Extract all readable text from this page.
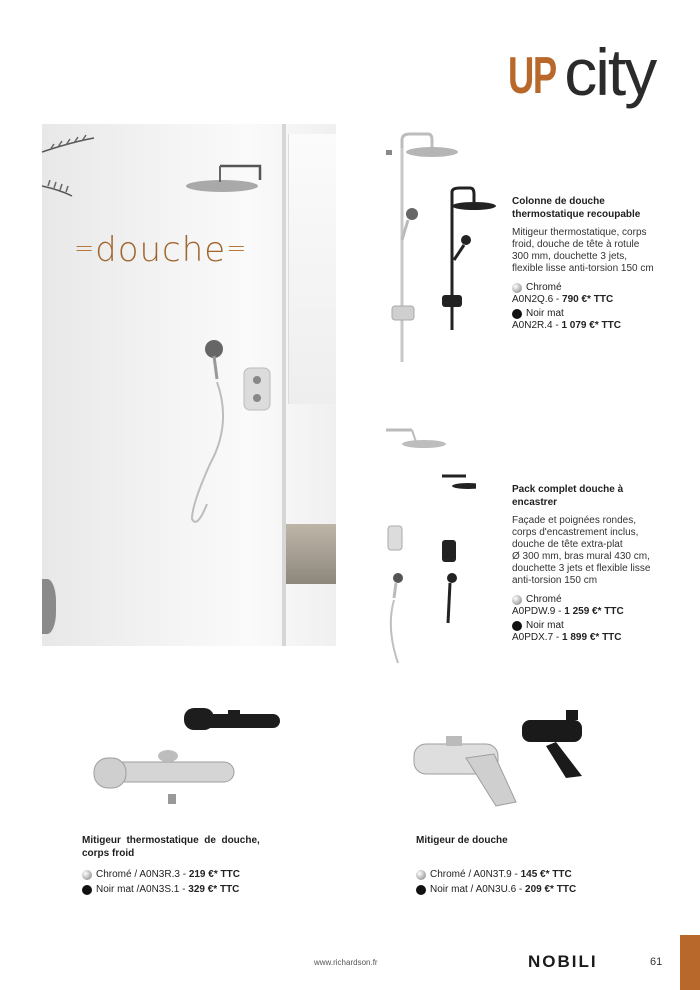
UP city
=douche=
Colonne de douche
thermostatique recoupable
Mitigeur thermostatique, corps
froid, douche de tête à rotule
300 mm, douchette 3 jets,
flexible lisse anti-torsion 150 cm
Chromé
A0N2Q.6 - 790 €* TTC
Noir mat
A0N2R.4 - 1 079 €* TTC
Pack complet douche à
encastrer
Façade et poignées rondes,
corps d'encastrement inclus,
douche de tête extra-plat
Ø 300 mm, bras mural 430 cm,
douchette 3 jets et flexible lisse
anti-torsion 150 cm
Chromé
A0PDW.9 - 1 259 €* TTC
Noir mat
A0PDX.7 - 1 899 €* TTC
Mitigeur  thermostatique  de  douche,
corps froid
Chromé / A0N3R.3 - 219 €* TTC
Noir mat /A0N3S.1 - 329 €* TTC
Mitigeur de douche
Chromé / A0N3T.9 - 145 €* TTC
Noir mat / A0N3U.6 - 209 €* TTC
www.richardson.fr	NOBILI	61
